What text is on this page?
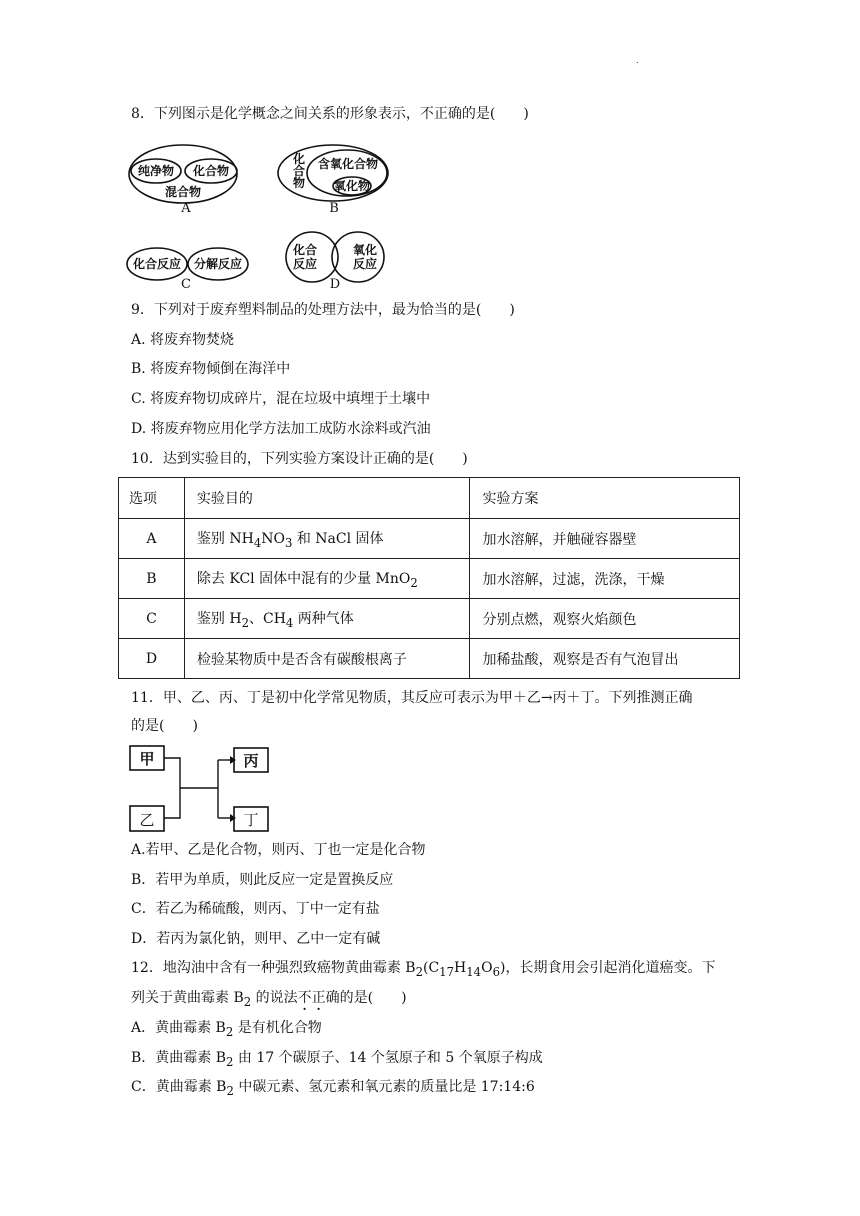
.
8．下列图示是化学概念之间关系的形象表示，不正确的是(　　)
纯净物 化合物
混合物
A
化
合
物
含氧化合物
氧化物
B
化合反应 分解反应
C
化合
反应
氧化
反应
D
9．下列对于废弃塑料制品的处理方法中，最为恰当的是(　　)
A. 将废弃物焚烧
B. 将废弃物倾倒在海洋中
C. 将废弃物切成碎片，混在垃圾中填埋于土壤中
D. 将废弃物应用化学方法加工成防水涂料或汽油
10．达到实验目的，下列实验方案设计正确的是(　　)
选项	实验目的	实验方案
A	鉴别 $NH_4NO_3$ 和 NaCl 固体	加水溶解，并触碰容器壁
B	除去 KCl 固体中混有的少量 MnO$_2$	加水溶解，过滤，洗涤，干燥
C	鉴别 $H_2$、$CH_4$ 两种气体	分别点燃，观察火焰颜色
D	检验某物质中是否含有碳酸根离子	加稀盐酸，观察是否有气泡冒出
11．甲、乙、丙、丁是初中化学常见物质，其反应可表示为甲＋乙→丙＋丁。下列推测正确
的是(　　)
甲
乙
丙
丁
A.若甲、乙是化合物，则丙、丁也一定是化合物
B．若甲为单质，则此反应一定是置换反应
C．若乙为稀硫酸，则丙、丁中一定有盐
D．若丙为氯化钠，则甲、乙中一定有碱
12．地沟油中含有一种强烈致癌物黄曲霉素 $B_2(C_{17}H_{14}O_6)$，长期食用会引起消化道癌变。下
列关于黄曲霉素 $B_2$ 的说法不正确的是(　　)
A．黄曲霉素 $B_2$ 是有机化合物
B．黄曲霉素 $B_2$ 由 17 个碳原子、14 个氢原子和 5 个氧原子构成
C．黄曲霉素 $B_2$ 中碳元素、氢元素和氧元素的质量比是 17:14:6
